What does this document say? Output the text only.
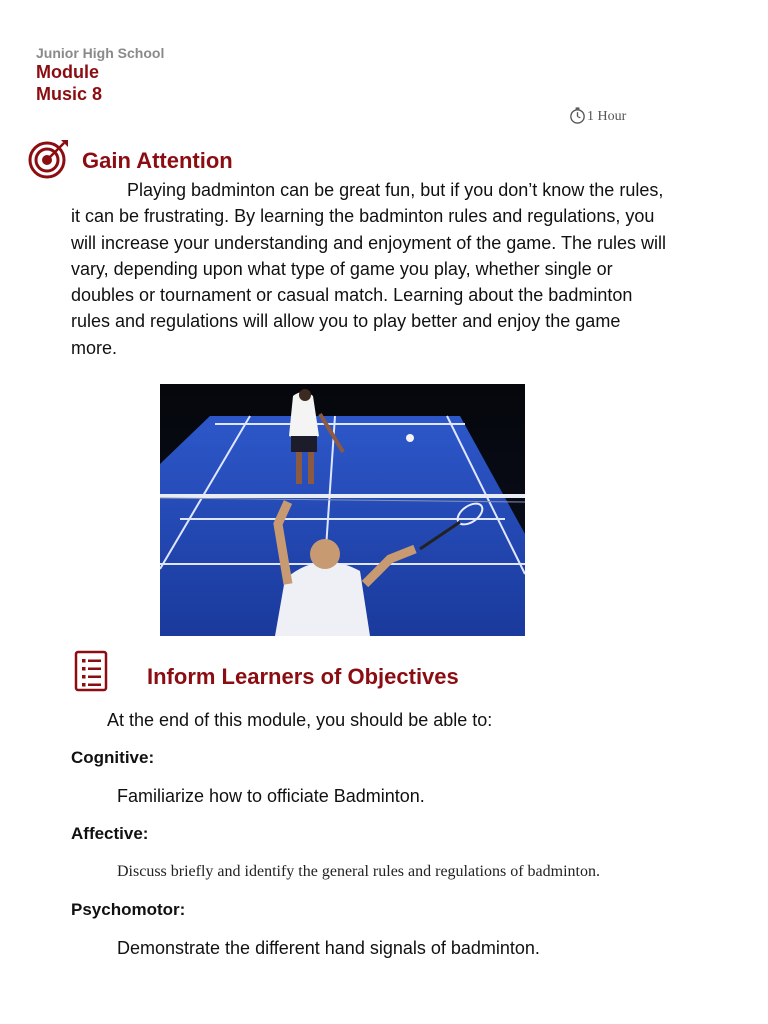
Junior High School
Module
Music 8
1 Hour
Gain Attention
Playing badminton can be great fun, but if you don’t know the rules, it can be frustrating. By learning the badminton rules and regulations, you will increase your understanding and enjoyment of the game. The rules will vary, depending upon what type of game you play, whether single or doubles or tournament or casual match. Learning about the badminton rules and regulations will allow you to play better and enjoy the game more.
Inform Learners of Objectives
At the end of this module, you should be able to:
Cognitive:
Familiarize how to officiate Badminton.
Affective:
Discuss briefly and identify the general rules and regulations of badminton.
Psychomotor:
Demonstrate the different hand signals of badminton.
